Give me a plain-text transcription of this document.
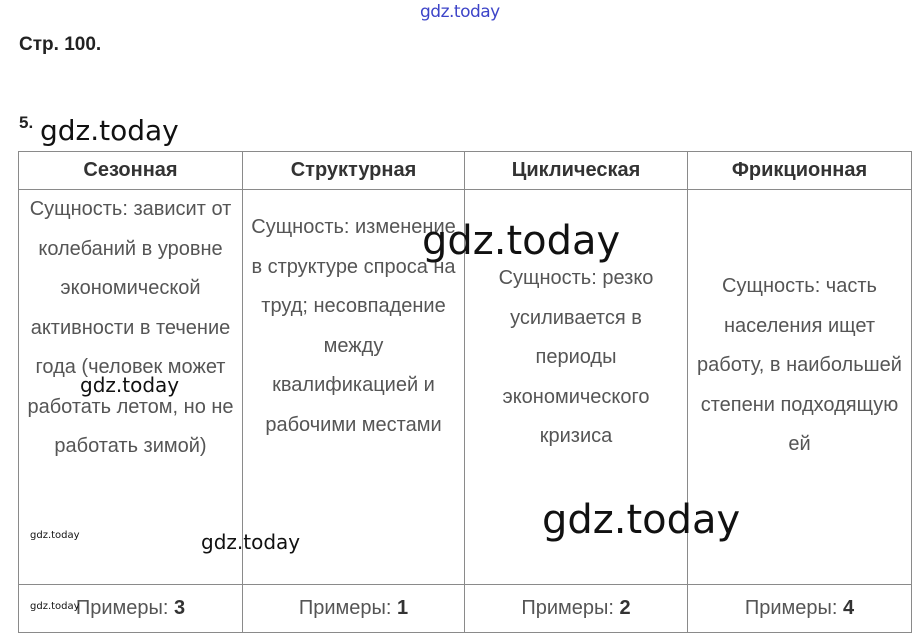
gdz.today
Стр. 100.
5.
Сезонная	Структурная	Циклическая	Фрикционная

Сущность: зависит от колебаний в уровне экономической активности в течение года (человек может работать летом, но не работать зимой)	Сущность: изменение в структуре спроса на труд; несовпадение между квалификацией и рабочими местами	Сущность: резко усиливается в периоды экономического кризиса	Сущность: часть населения ищет работу, в наибольшей степени подходящую ей

Примеры: 3	Примеры: 1	Примеры: 2	Примеры: 4
gdz.today
gdz.today
gdz.today
gdz.today
gdz.today
gdz.today
gdz.today
